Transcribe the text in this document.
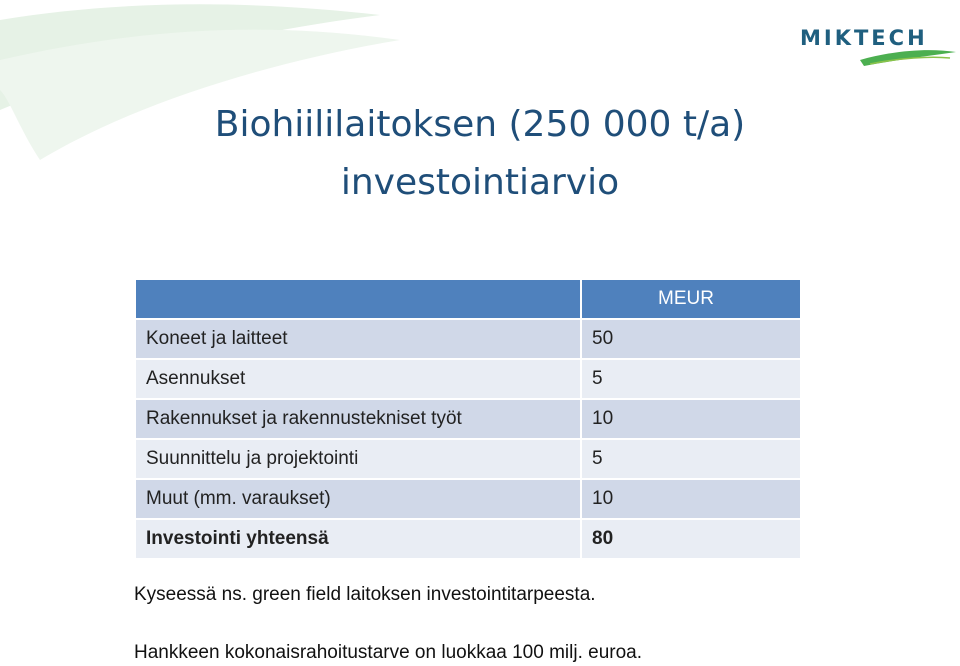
MIKTECH
Biohiililaitoksen (250 000 t/a)
investointiarvio
	MEUR
Koneet ja laitteet	50
Asennukset	5
Rakennukset ja rakennustekniset työt	10
Suunnittelu ja projektointi	5
Muut (mm. varaukset)	10
Investointi yhteensä	80
Kyseessä ns. green field laitoksen investointitarpeesta.
Hankkeen kokonaisrahoitustarve on luokkaa 100 milj. euroa.
